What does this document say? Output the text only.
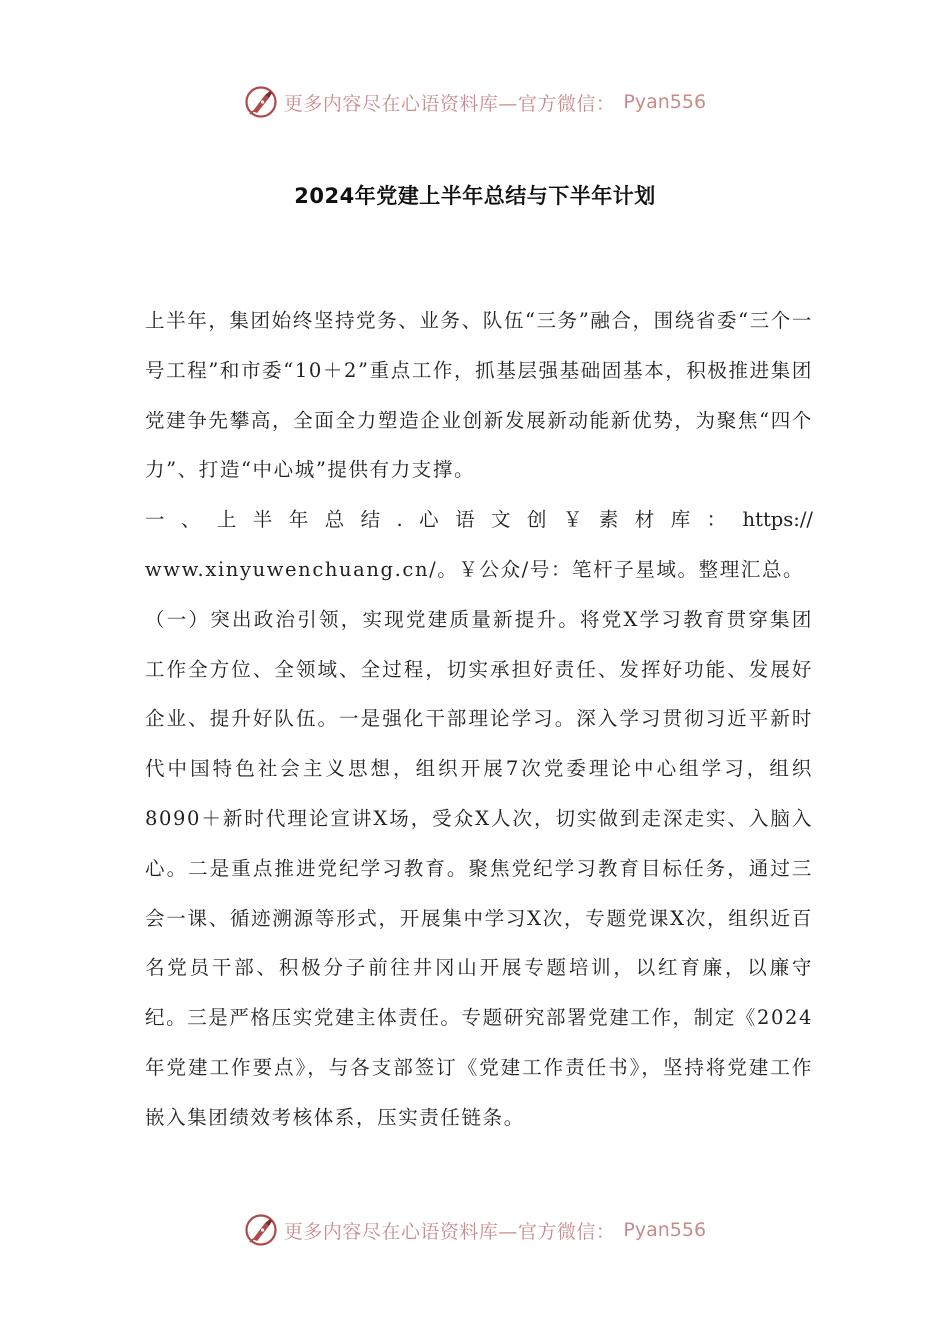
更多内容尽在心语资料库—官方微信： Pyan556
2024年党建上半年总结与下半年计划

上半年，集团始终坚持党务、业务、队伍“三务”融合，围绕省委“三个一号工程”和市委“10＋2”重点工作，抓基层强基础固基本，积极推进集团党建争先攀高，全面全力塑造企业创新发展新动能新优势，为聚焦“四个力”、打造“中心城”提供有力支撑。

一、上半年总结.心语文创￥素材库：https://

www.xinyuwenchuang.cn/。￥公众/号：笔杆子星域。整理汇总。

（一）突出政治引领，实现党建质量新提升。将党X学习教育贯穿集团工作全方位、全领域、全过程，切实承担好责任、发挥好功能、发展好企业、提升好队伍。一是强化干部理论学习。深入学习贯彻习近平新时代中国特色社会主义思想，组织开展7次党委理论中心组学习，组织8090＋新时代理论宣讲X场，受众X人次，切实做到走深走实、入脑入心。二是重点推进党纪学习教育。聚焦党纪学习教育目标任务，通过三会一课、循迹溯源等形式，开展集中学习X次，专题党课X次，组织近百名党员干部、积极分子前往井冈山开展专题培训，以红育廉，以廉守纪。三是严格压实党建主体责任。专题研究部署党建工作，制定《2024年党建工作要点》，与各支部签订《党建工作责任书》，坚持将党建工作嵌入集团绩效考核体系，压实责任链条。

更多内容尽在心语资料库—官方微信： Pyan556
